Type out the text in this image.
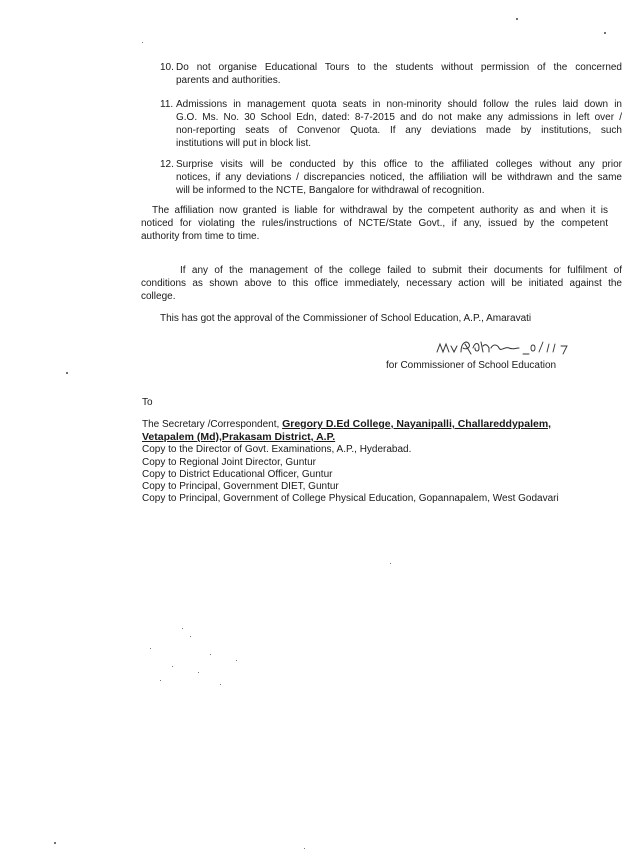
10. Do not organise Educational Tours to the students without permission of the concerned
parents and authorities.
11. Admissions in management quota seats in non-minority should follow the rules laid down in
G.O. Ms. No. 30 School Edn, dated: 8-7-2015 and do not make any admissions in left over /
non-reporting seats of Convenor Quota. If any deviations made by institutions, such
institutions will put in block list.
12. Surprise visits will be conducted by this office to the affiliated colleges without any prior
notices, if any deviations / discrepancies noticed, the affiliation will be withdrawn and the same
will be informed to the NCTE, Bangalore for withdrawal of recognition.
The affiliation now granted is liable for withdrawal by the competent authority as and when it is
noticed for violating the rules/instructions of NCTE/State Govt., if any, issued by the competent
authority from time to time.
If any of the management of the college failed to submit their documents for fulfilment of
conditions as shown above to this office immediately, necessary action will be initiated against the
college.
This has got the approval of the Commissioner of School Education, A.P., Amaravati
for Commissioner of School Education
To
The Secretary /Correspondent, Gregory D.Ed College, Nayanipalli, Challareddypalem,
Vetapalem (Md),Prakasam District, A.P.
Copy to the Director of Govt. Examinations, A.P., Hyderabad.
Copy to Regional Joint Director, Guntur
Copy to District Educational Officer, Guntur
Copy to Principal, Government DIET, Guntur
Copy to Principal, Government of College Physical Education, Gopannapalem, West Godavari
